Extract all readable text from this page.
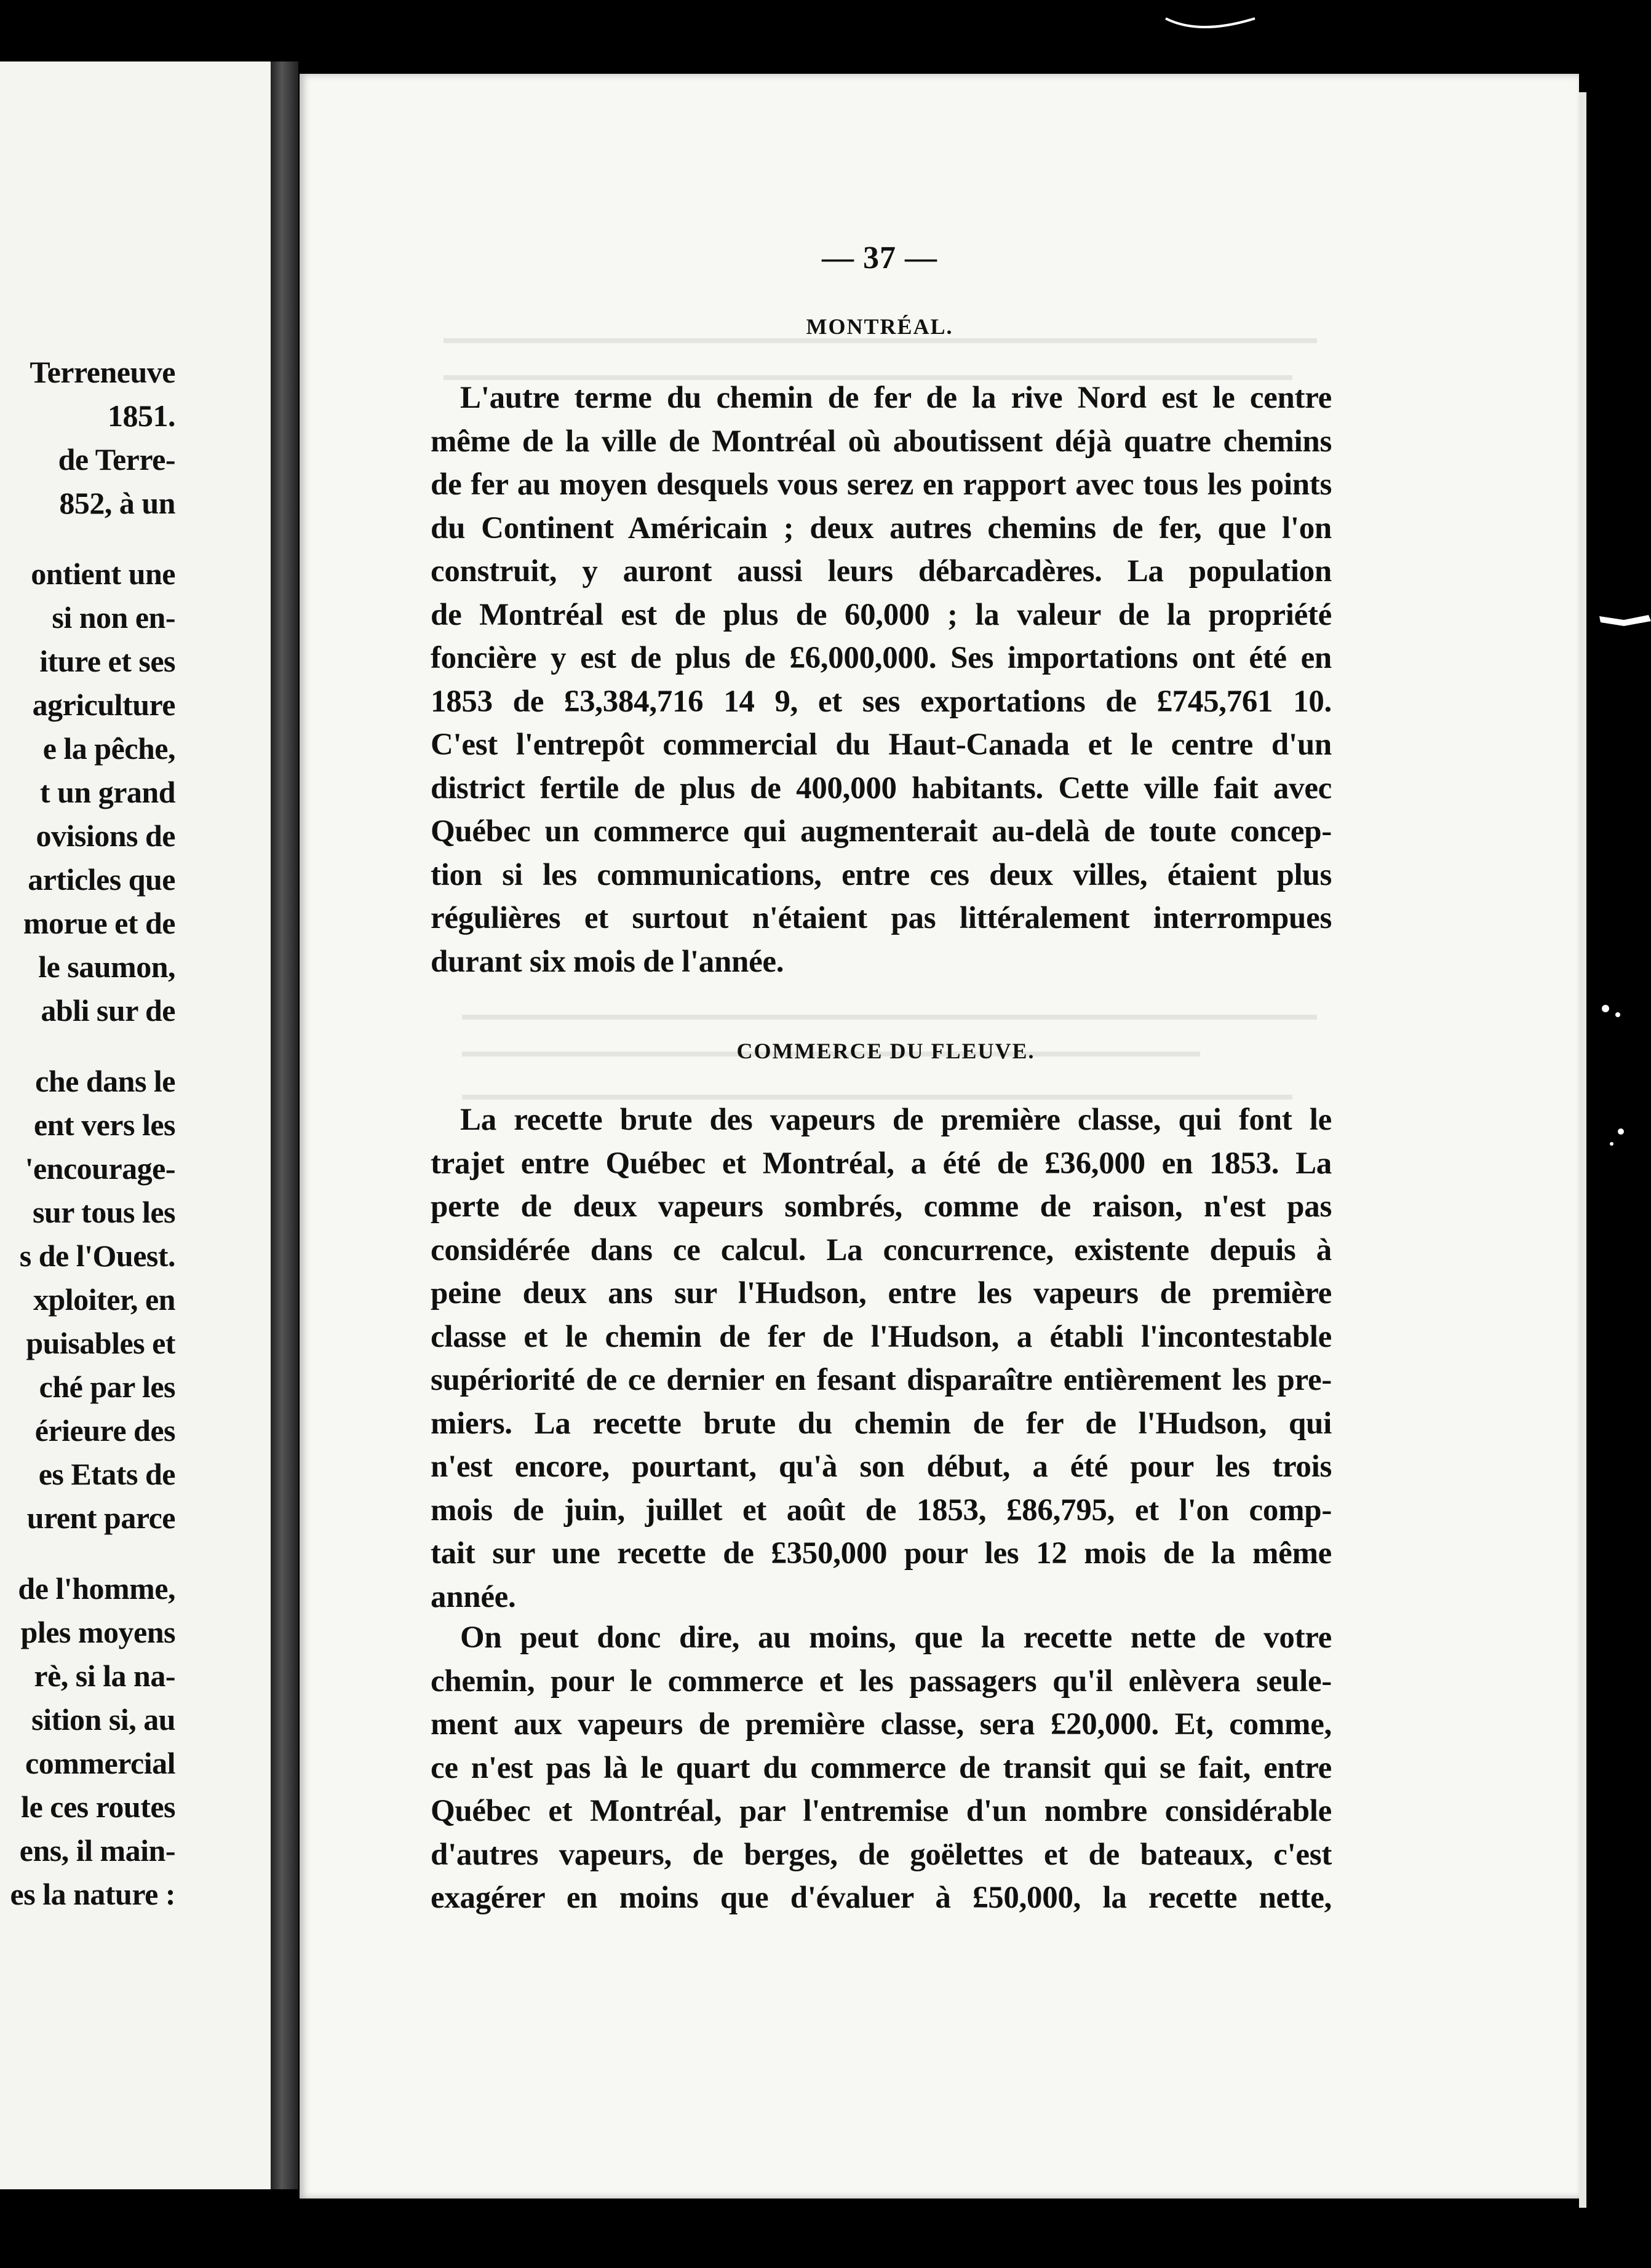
Terreneuve
1851.
de Terre-
852, à un
ontient une
si non en-
iture et ses
agriculture
e la pêche,
t un grand
ovisions de
articles que
morue et de
le saumon,
abli sur de
che dans le
ent vers les
'encourage-
sur tous les
s de l'Ouest.
xploiter, en
puisables et
ché par les
érieure des
es Etats de
urent parce
de l'homme,
ples moyens
rè, si la na-
sition si, au
commercial
le ces routes
ens, il main-
es la nature :

— 37 —
MONTRÉAL.
L'autre terme du chemin de fer de la rive Nord est le centre
même de la ville de Montréal où aboutissent déjà quatre chemins
de fer au moyen desquels vous serez en rapport avec tous les points
du Continent Américain ; deux autres chemins de fer, que l'on
construit, y auront aussi leurs débarcadères. La population
de Montréal est de plus de 60,000 ; la valeur de la propriété
foncière y est de plus de £6,000,000. Ses importations ont été en
1853 de £3,384,716 14 9, et ses exportations de £745,761 10.
C'est l'entrepôt commercial du Haut-Canada et le centre d'un
district fertile de plus de 400,000 habitants. Cette ville fait avec
Québec un commerce qui augmenterait au-delà de toute concep-
tion si les communications, entre ces deux villes, étaient plus
régulières et surtout n'étaient pas littéralement interrompues
durant six mois de l'année.
COMMERCE DU FLEUVE.
La recette brute des vapeurs de première classe, qui font le
trajet entre Québec et Montréal, a été de £36,000 en 1853. La
perte de deux vapeurs sombrés, comme de raison, n'est pas
considérée dans ce calcul. La concurrence, existente depuis à
peine deux ans sur l'Hudson, entre les vapeurs de première
classe et le chemin de fer de l'Hudson, a établi l'incontestable
supériorité de ce dernier en fesant disparaître entièrement les pre-
miers. La recette brute du chemin de fer de l'Hudson, qui
n'est encore, pourtant, qu'à son début, a été pour les trois
mois de juin, juillet et août de 1853, £86,795, et l'on comp-
tait sur une recette de £350,000 pour les 12 mois de la même
année.
On peut donc dire, au moins, que la recette nette de votre
chemin, pour le commerce et les passagers qu'il enlèvera seule-
ment aux vapeurs de première classe, sera £20,000. Et, comme,
ce n'est pas là le quart du commerce de transit qui se fait, entre
Québec et Montréal, par l'entremise d'un nombre considérable
d'autres vapeurs, de berges, de goëlettes et de bateaux, c'est
exagérer en moins que d'évaluer à £50,000, la recette nette,
